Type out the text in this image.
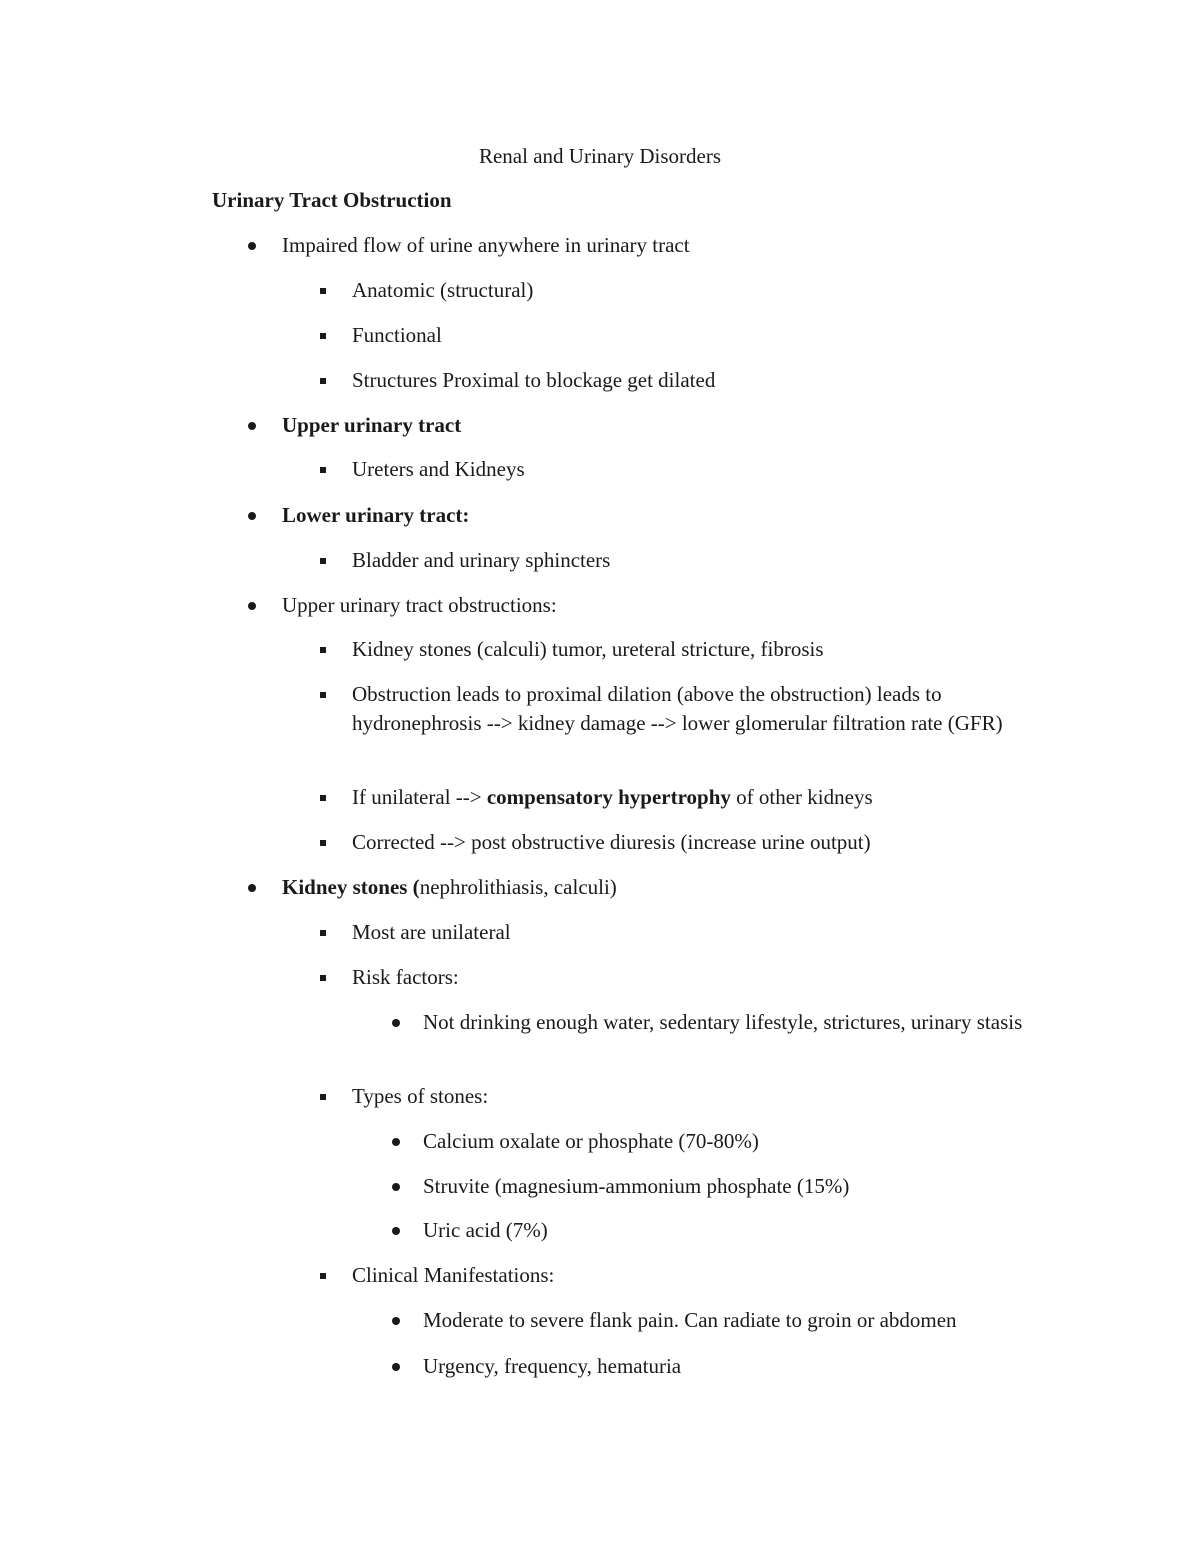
Renal and Urinary Disorders
Urinary Tract Obstruction
Impaired flow of urine anywhere in urinary tract
Anatomic (structural)
Functional
Structures Proximal to blockage get dilated
Upper urinary tract
Ureters and Kidneys
Lower urinary tract:
Bladder and urinary sphincters
Upper urinary tract obstructions:
Kidney stones (calculi) tumor, ureteral stricture, fibrosis
Obstruction leads to proximal dilation (above the obstruction) leads to hydronephrosis --> kidney damage --> lower glomerular filtration rate (GFR)
If unilateral --> compensatory hypertrophy of other kidneys
Corrected --> post obstructive diuresis (increase urine output)
Kidney stones (nephrolithiasis, calculi)
Most are unilateral
Risk factors:
Not drinking enough water, sedentary lifestyle, strictures, urinary stasis
Types of stones:
Calcium oxalate or phosphate (70-80%)
Struvite (magnesium-ammonium phosphate (15%)
Uric acid (7%)
Clinical Manifestations:
Moderate to severe flank pain. Can radiate to groin or abdomen
Urgency, frequency, hematuria
